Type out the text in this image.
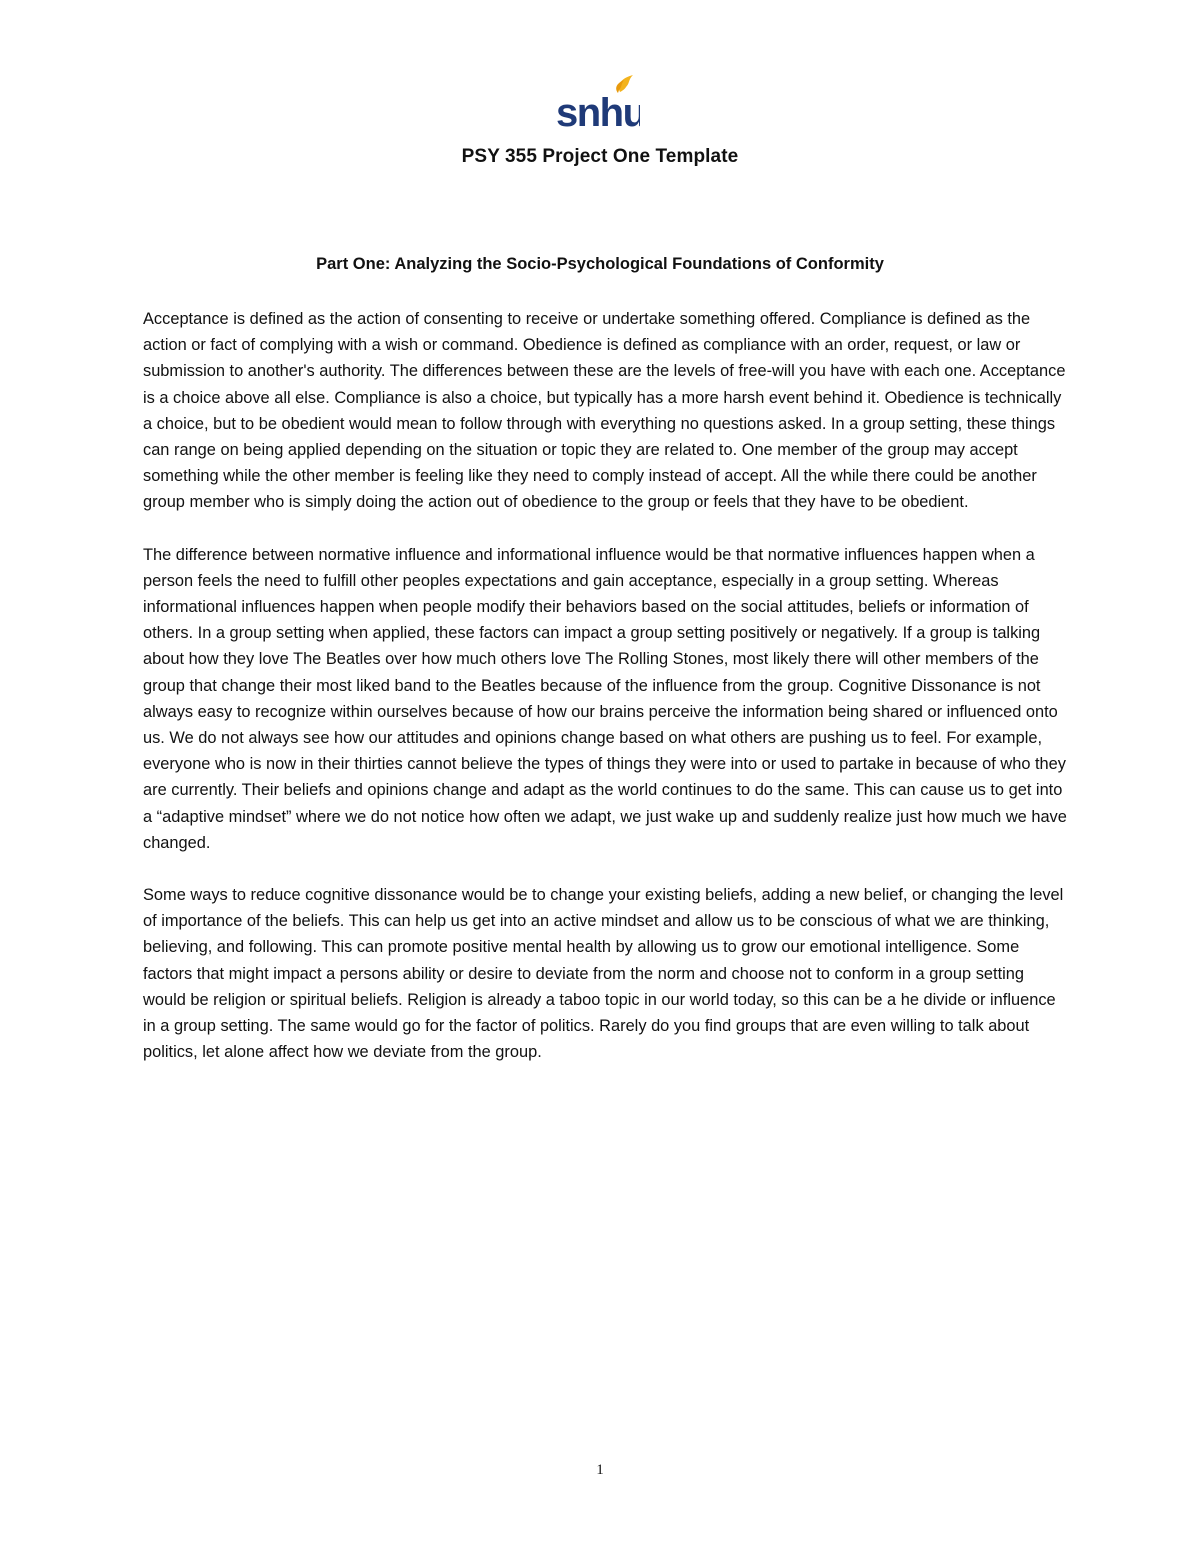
snhu
PSY 355 Project One Template
Part One: Analyzing the Socio-Psychological Foundations of Conformity

Acceptance is defined as the action of consenting to receive or undertake something offered. Compliance is defined as the action or fact of complying with a wish or command. Obedience is defined as compliance with an order, request, or law or submission to another's authority. The differences between these are the levels of free-will you have with each one. Acceptance is a choice above all else. Compliance is also a choice, but typically has a more harsh event behind it. Obedience is technically a choice, but to be obedient would mean to follow through with everything no questions asked. In a group setting, these things can range on being applied depending on the situation or topic they are related to. One member of the group may accept something while the other member is feeling like they need to comply instead of accept. All the while there could be another group member who is simply doing the action out of obedience to the group or feels that they have to be obedient.

The difference between normative influence and informational influence would be that normative influences happen when a person feels the need to fulfill other peoples expectations and gain acceptance, especially in a group setting. Whereas informational influences happen when people modify their behaviors based on the social attitudes, beliefs or information of others. In a group setting when applied, these factors can impact a group setting positively or negatively. If a group is talking about how they love The Beatles over how much others love The Rolling Stones, most likely there will other members of the group that change their most liked band to the Beatles because of the influence from the group. Cognitive Dissonance is not always easy to recognize within ourselves because of how our brains perceive the information being shared or influenced onto us. We do not always see how our attitudes and opinions change based on what others are pushing us to feel. For example, everyone who is now in their thirties cannot believe the types of things they were into or used to partake in because of who they are currently. Their beliefs and opinions change and adapt as the world continues to do the same. This can cause us to get into a “adaptive mindset” where we do not notice how often we adapt, we just wake up and suddenly realize just how much we have changed.

Some ways to reduce cognitive dissonance would be to change your existing beliefs, adding a new belief, or changing the level of importance of the beliefs. This can help us get into an active mindset and allow us to be conscious of what we are thinking, believing, and following. This can promote positive mental health by allowing us to grow our emotional intelligence. Some factors that might impact a persons ability or desire to deviate from the norm and choose not to conform in a group setting would be religion or spiritual beliefs. Religion is already a taboo topic in our world today, so this can be a he divide or influence in a group setting. The same would go for the factor of politics. Rarely do you find groups that are even willing to talk about politics, let alone affect how we deviate from the group.

1
